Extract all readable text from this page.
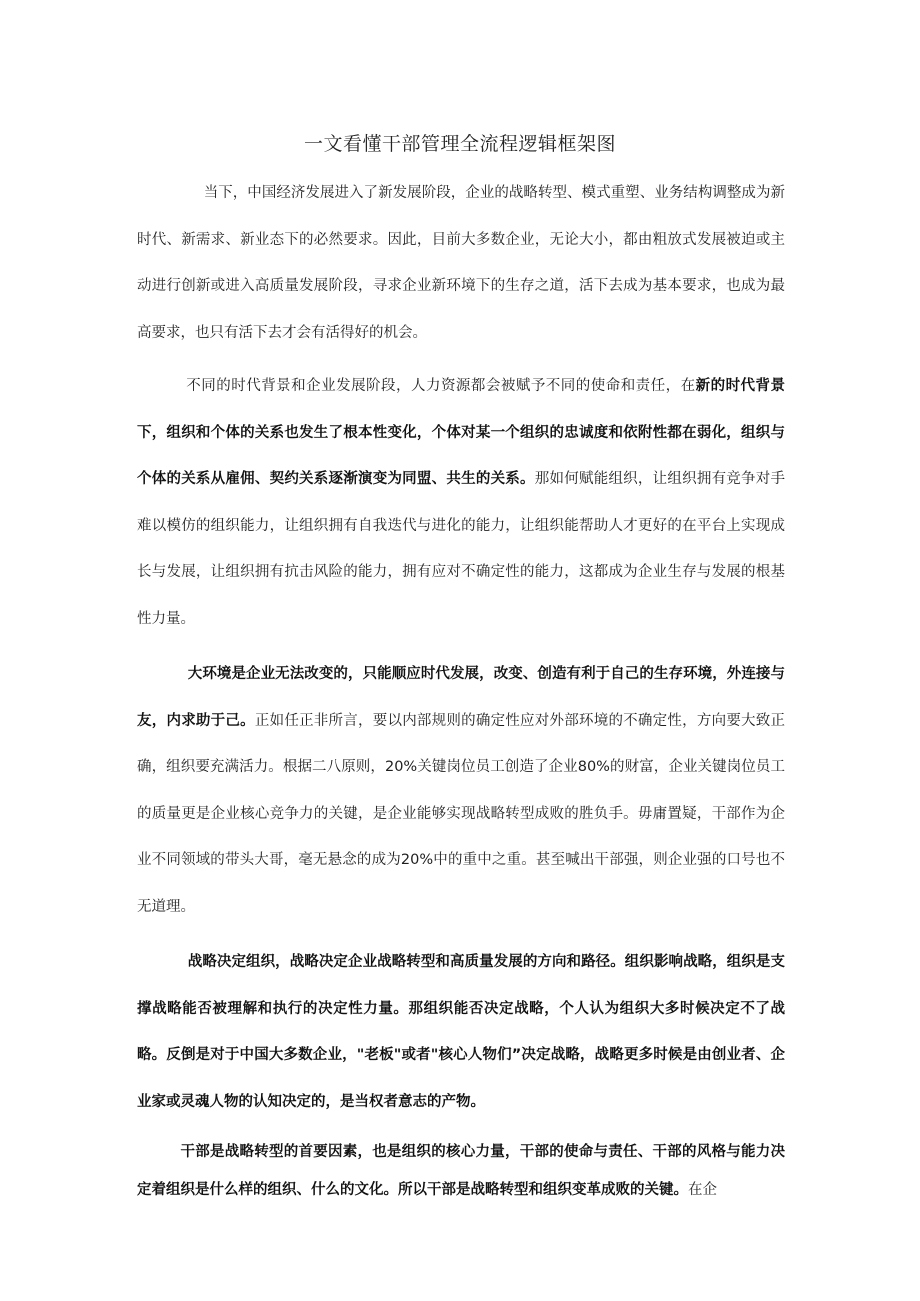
一文看懂干部管理全流程逻辑框架图

当下，中国经济发展进入了新发展阶段，企业的战略转型、模式重塑、业务结构调整成为新时代、新需求、新业态下的必然要求。因此，目前大多数企业，无论大小，都由粗放式发展被迫或主动进行创新或进入高质量发展阶段，寻求企业新环境下的生存之道，活下去成为基本要求，也成为最高要求，也只有活下去才会有活得好的机会。

不同的时代背景和企业发展阶段，人力资源都会被赋予不同的使命和责任，在新的时代背景下，组织和个体的关系也发生了根本性变化，个体对某一个组织的忠诚度和依附性都在弱化，组织与个体的关系从雇佣、契约关系逐渐演变为同盟、共生的关系。那如何赋能组织，让组织拥有竞争对手难以模仿的组织能力，让组织拥有自我迭代与进化的能力，让组织能帮助人才更好的在平台上实现成长与发展，让组织拥有抗击风险的能力，拥有应对不确定性的能力，这都成为企业生存与发展的根基性力量。

大环境是企业无法改变的，只能顺应时代发展，改变、创造有利于自己的生存环境，外连接与友，内求助于己。正如任正非所言，要以内部规则的确定性应对外部环境的不确定性，方向要大致正确，组织要充满活力。根据二八原则，20%关键岗位员工创造了企业80%的财富，企业关键岗位员工的质量更是企业核心竞争力的关键，是企业能够实现战略转型成败的胜负手。毋庸置疑，干部作为企业不同领域的带头大哥，毫无悬念的成为20%中的重中之重。甚至喊出干部强，则企业强的口号也不无道理。

战略决定组织，战略决定企业战略转型和高质量发展的方向和路径。组织影响战略，组织是支撑战略能否被理解和执行的决定性力量。那组织能否决定战略，个人认为组织大多时候决定不了战略。反倒是对于中国大多数企业，"老板"或者"核心人物们”决定战略，战略更多时候是由创业者、企业家或灵魂人物的认知决定的，是当权者意志的产物。

干部是战略转型的首要因素，也是组织的核心力量，干部的使命与责任、干部的风格与能力决定着组织是什么样的组织、什么的文化。所以干部是战略转型和组织变革成败的关键。在企
